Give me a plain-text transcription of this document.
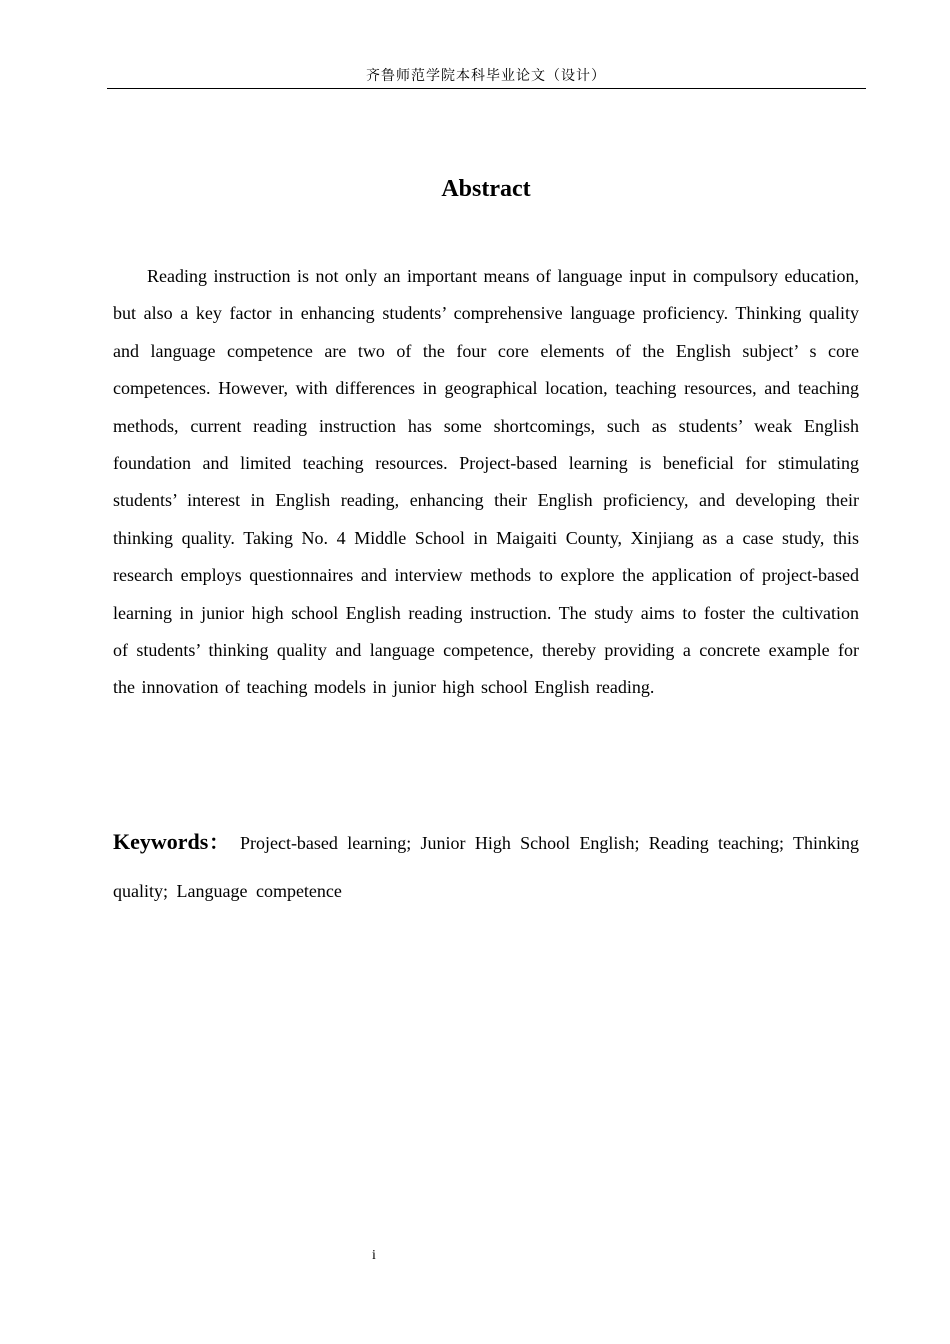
齐鲁师范学院本科毕业论文（设计）
Abstract

Reading instruction is not only an important means of language input in compulsory education, but also a key factor in enhancing students’ comprehensive language proficiency. Thinking quality and language competence are two of the four core elements of the English subject’ s core competences. However, with differences in geographical location, teaching resources, and teaching methods, current reading instruction has some shortcomings, such as students’ weak English foundation and limited teaching resources. Project-based learning is beneficial for stimulating students’ interest in English reading, enhancing their English proficiency, and developing their thinking quality. Taking No. 4 Middle School in Maigaiti County, Xinjiang as a case study, this research employs questionnaires and interview methods to explore the application of project-based learning in junior high school English reading instruction. The study aims to foster the cultivation of students’ thinking quality and language competence, thereby providing a concrete example for the innovation of teaching models in junior high school English reading.

Keywords： Project-based learning; Junior High School English; Reading teaching; Thinking quality; Language competence

i
